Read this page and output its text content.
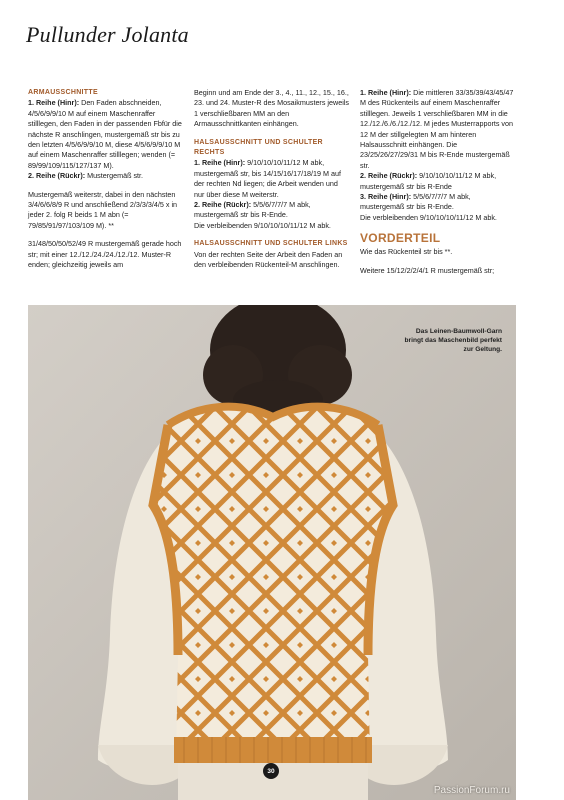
Pullunder Jolanta

ARMAUSSCHNITTE

1. Reihe (Hinr): Den Faden abschneiden, 4/5/6/9/9/10 M auf einem Maschenraffer stilllegen, den Faden in der passenden Fbfür die nächste R anschlingen, mustergemäß str bis zu den letzten 4/5/6/9/9/10 M, diese 4/5/6/9/9/10 M auf einem Maschenraffer stilllegen; wenden (= 89/99/109/115/127/137 M).
2. Reihe (Rückr): Mustergemäß str.

Mustergemäß weiterstr, dabei in den nächsten 3/4/6/6/8/9 R und anschließend 2/3/3/3/4/5 x in jeder 2. folg R beids 1 M abn (= 79/85/91/97/103/109 M). **

31/48/50/50/52/49 R mustergemäß gerade hoch str; mit einer 12./12./24./24./12./12. Muster-R enden; gleichzeitig jeweils am

Beginn und am Ende der 3., 4., 11., 12., 15., 16., 23. und 24. Muster-R des Mosaikmusters jeweils 1 verschließbaren MM an den Armausschnittkanten einhängen.

HALSAUSSCHNITT UND SCHULTER RECHTS

1. Reihe (Hinr): 9/10/10/10/11/12 M abk, mustergemäß str, bis 14/15/16/17/18/19 M auf der rechten Nd liegen; die Arbeit wenden und nur über diese M weiterstr.
2. Reihe (Rückr): 5/5/6/7/7/7 M abk, mustergemäß str bis R-Ende.
Die verbleibenden 9/10/10/10/11/12 M abk.

HALSAUSSCHNITT UND SCHULTER LINKS

Von der rechten Seite der Arbeit den Faden an den verbleibenden Rückenteil-M anschlingen.

1. Reihe (Hinr): Die mittleren 33/35/39/43/45/47 M des Rückenteils auf einem Maschenraffer stilllegen. Jeweils 1 verschließbaren MM in die 12./12./6./6./12./12. M jedes Musterrapports von 12 M der stillgelegten M am hinteren Halsausschnitt einhängen. Die 23/25/26/27/29/31 M bis R-Ende mustergemäß str.
2. Reihe (Rückr): 9/10/10/10/11/12 M abk, mustergemäß str bis R-Ende
3. Reihe (Hinr): 5/5/6/7/7/7 M abk, mustergemäß str bis R-Ende.
Die verbleibenden 9/10/10/10/11/12 M abk.

VORDERTEIL

Wie das Rückenteil str bis **.

Weitere 15/12/2/2/4/1 R mustergemäß str;

Das Leinen-Baumwoll-Garn bringt das Maschenbild perfekt zur Geltung.
30
PassionForum.ru
